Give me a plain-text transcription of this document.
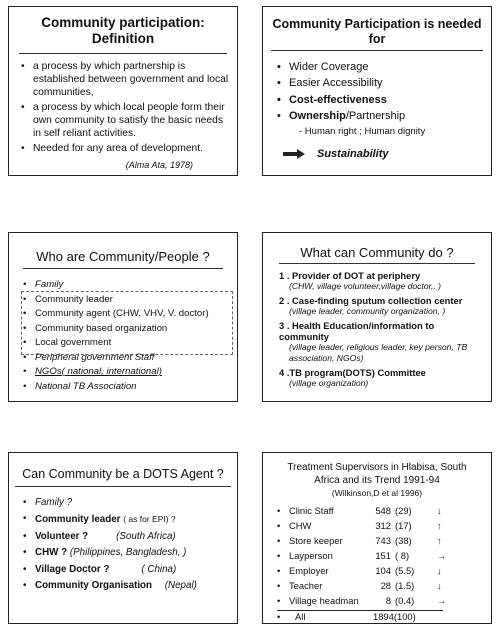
Community participation:
Definition
• a process by which partnership is established between government and local communities,
• a process by which local people form their own community to satisfy the basic needs in self reliant activities.
• Needed for any area of development.
(Alma Ata, 1978)
Community Participation is needed
for
• Wider Coverage
• Easier Accessibility
• Cost-effectiveness
• Ownership/Partnership
- Human right ; Human dignity
Sustainability
Who are Community/People ?
• Family
• Community leader
• Community agent (CHW, VHV, V. doctor)
• Community based organization
• Local government
• Peripheral government Staff
• NGOs( national, international)
• National TB Association
What can Community do ?
1 . Provider of DOT at periphery
(CHW, village volunteer,village doctor,. )
2 . Case-finding sputum collection center
(village leader, community organization, )
3 . Health Education/information to community
(village leader, religious leader, key person, TB association, NGOs)
4 .TB program(DOTS) Committee
(village organization)
Can Community be a DOTS Agent ?
• Family ?
• Community leader ( as for EPI) ?
• Volunteer ?	(South Africa)
• CHW ? (Philippines, Bangladesh, )
• Village Doctor ?	( China)
• Community Organisation (Nepal)
Treatment Supervisors in Hlabisa, South
Africa and its Trend 1991-94
(Wilkinson,D et al 1996)
• Clinic Staff	548 (29)	↓
• CHW	312 (17)	↑
• Store keeper	743 (38)	↑
• Layperson	151 ( 8)	→
• Employer	104 (5.5) ↓
• Teacher	28 (1.5) ↓
• Village headman	8 (0.4) →
• All	1894(100)
